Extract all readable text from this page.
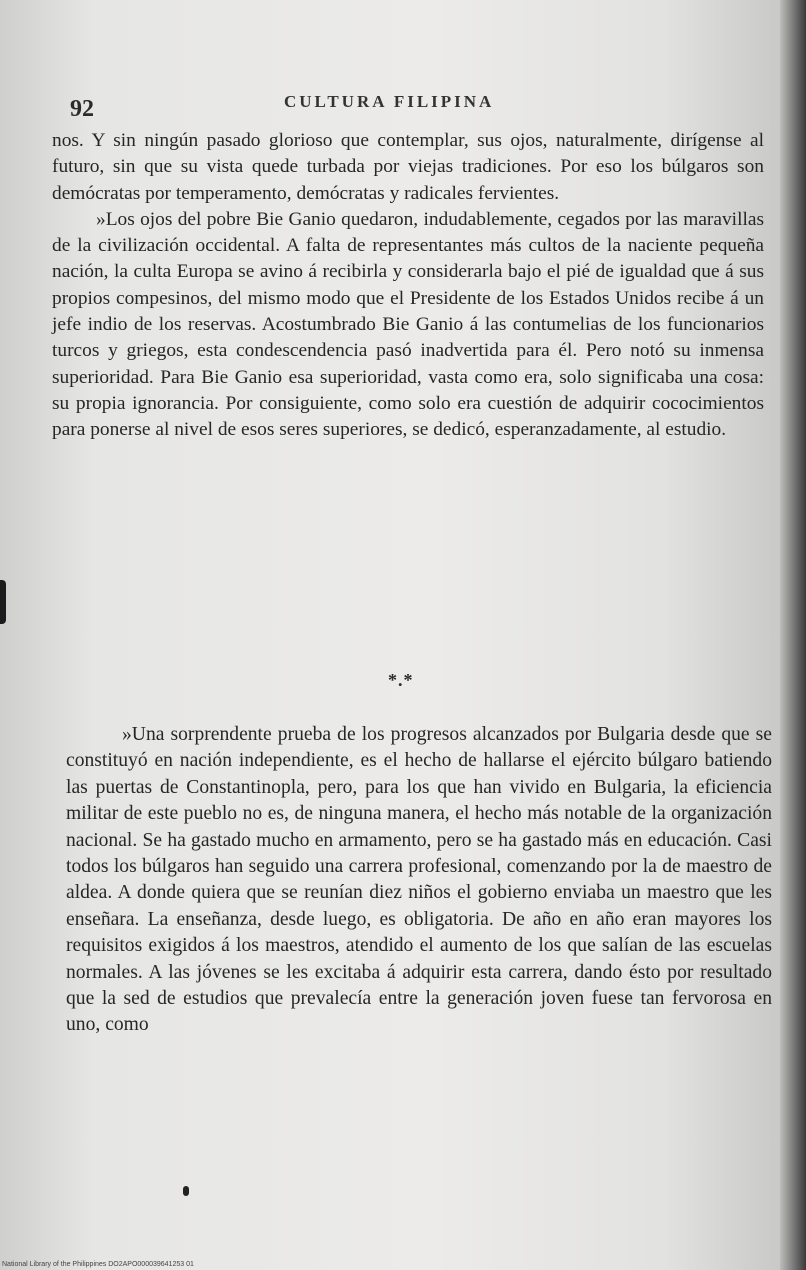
92	CULTURA FILIPINA

nos. Y sin ningún pasado glorioso que contemplar, sus ojos, naturalmente, dirígense al futuro, sin que su vista quede turbada por viejas tradiciones. Por eso los búlgaros son demócratas por temperamento, demócratas y radicales fervientes.

»Los ojos del pobre Bie Ganio quedaron, indudablemente, cegados por las maravillas de la civilización occidental. A falta de representantes más cultos de la naciente pequeña nación, la culta Europa se avino á recibirla y considerarla bajo el pié de igualdad que á sus propios compesinos, del mismo modo que el Presidente de los Estados Unidos recibe á un jefe indio de los reservas. Acostumbrado Bie Ganio á las contumelias de los funcionarios turcos y griegos, esta condescendencia pasó inadvertida para él. Pero notó su inmensa superioridad. Para Bie Ganio esa superioridad, vasta como era, solo significaba una cosa: su propia ignorancia. Por consiguiente, como solo era cuestión de adquirir cococimientos para ponerse al nivel de esos seres superiores, se dedicó, esperanzadamente, al estudio.

*.*

»Una sorprendente prueba de los progresos alcanzados por Bulgaria desde que se constituyó en nación independiente, es el hecho de hallarse el ejército búlgaro batiendo las puertas de Constantinopla, pero, para los que han vivido en Bulgaria, la eficiencia militar de este pueblo no es, de ninguna manera, el hecho más notable de la organización nacional. Se ha gastado mucho en armamento, pero se ha gastado más en educación. Casi todos los búlgaros han seguido una carrera profesional, comenzando por la de maestro de aldea. A donde quiera que se reunían diez niños el gobierno enviaba un maestro que les enseñara. La enseñanza, desde luego, es obligatoria. De año en año eran mayores los requisitos exigidos á los maestros, atendido el aumento de los que salían de las escuelas normales. A las jóvenes se les excitaba á adquirir esta carrera, dando ésto por resultado que la sed de estudios que prevalecía entre la generación joven fuese tan fervorosa en uno, como

National Library of the Philippines DO2APO000039641253 01
